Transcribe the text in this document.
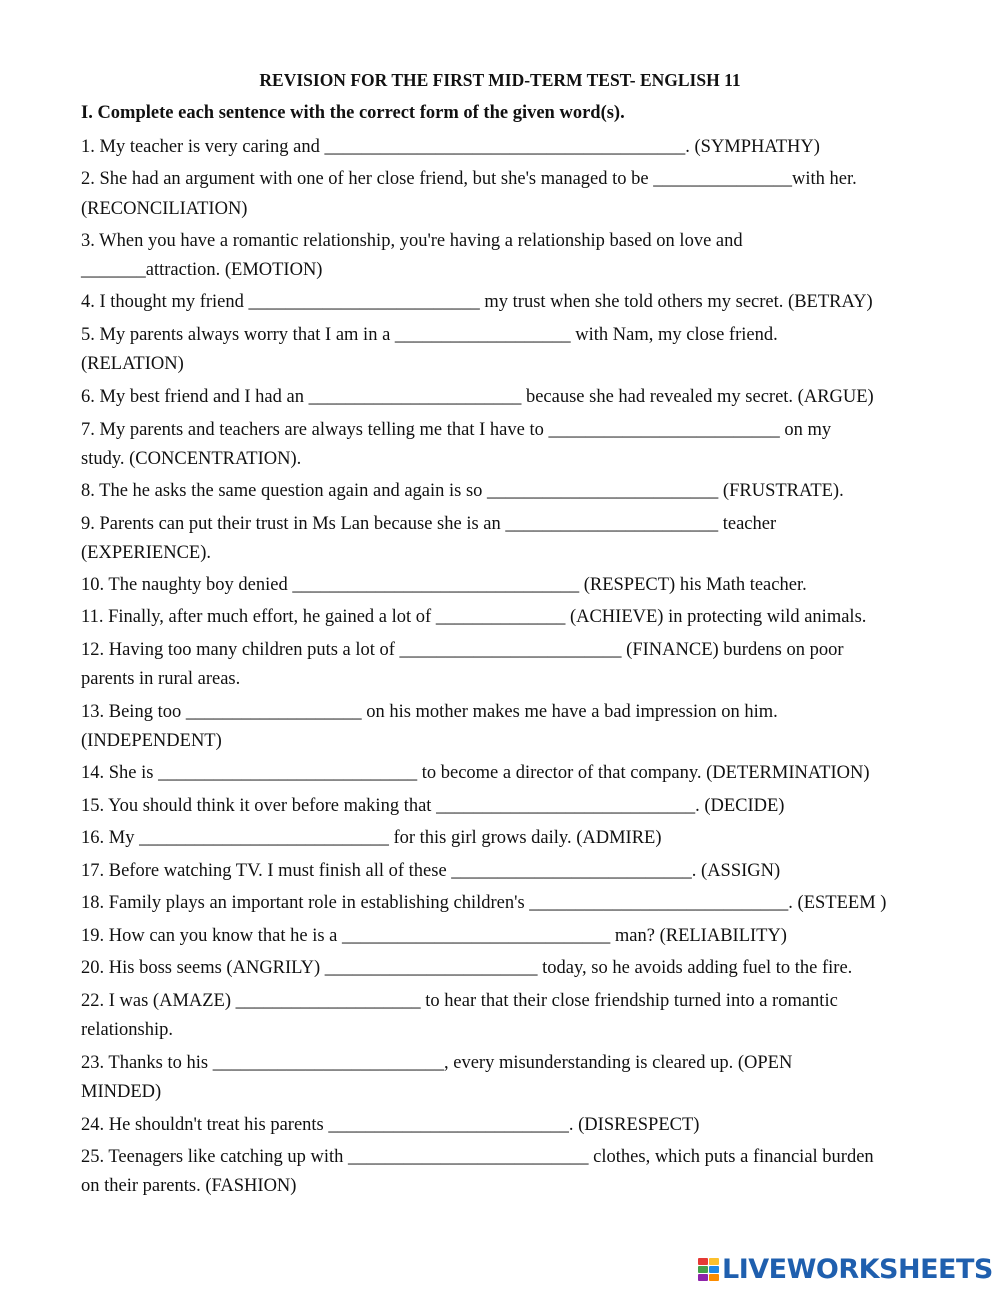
REVISION FOR THE FIRST MID-TERM TEST- ENGLISH 11
I. Complete each sentence with the correct form of the given word(s).
1. My teacher is very caring and _______________________________________. (SYMPHATHY)
2. She had an argument with one of her close friend, but she's managed to be _______________with her.
(RECONCILIATION)
3. When you have a romantic relationship, you're having a relationship based on love and
_______attraction. (EMOTION)
4. I thought my friend _________________________ my trust when she told others my secret. (BETRAY)
5. My parents always worry that I am in a ___________________ with Nam, my close friend.
(RELATION)
6. My best friend and I had an _______________________ because she had revealed my secret. (ARGUE)
7. My parents and teachers are always telling me that I have to _________________________ on my
study. (CONCENTRATION).
8. The he asks the same question again and again is so _________________________ (FRUSTRATE).
9. Parents can put their trust in Ms Lan because she is an _______________________ teacher
(EXPERIENCE).
10. The naughty boy denied _______________________________ (RESPECT) his Math teacher.
11. Finally, after much effort, he gained a lot of ______________ (ACHIEVE) in protecting wild animals.
12. Having too many children puts a lot of ________________________ (FINANCE) burdens on poor
parents in rural areas.
13. Being too ___________________ on his mother makes me have a bad impression on him.
(INDEPENDENT)
14. She is ____________________________ to become a director of that company. (DETERMINATION)
15. You should think it over before making that ____________________________. (DECIDE)
16. My ___________________________ for this girl grows daily. (ADMIRE)
17. Before watching TV. I must finish all of these __________________________. (ASSIGN)
18. Family plays an important role in establishing children's ____________________________. (ESTEEM )
19. How can you know that he is a _____________________________ man? (RELIABILITY)
20. His boss seems (ANGRILY) _______________________ today, so he avoids adding fuel to the fire.
22. I was (AMAZE) ____________________ to hear that their close friendship turned into a romantic
relationship.
23. Thanks to his _________________________, every misunderstanding is cleared up. (OPEN
MINDED)
24. He shouldn't treat his parents __________________________. (DISRESPECT)
25. Teenagers like catching up with __________________________ clothes, which puts a financial burden
on their parents. (FASHION)
LIVEWORKSHEETS
